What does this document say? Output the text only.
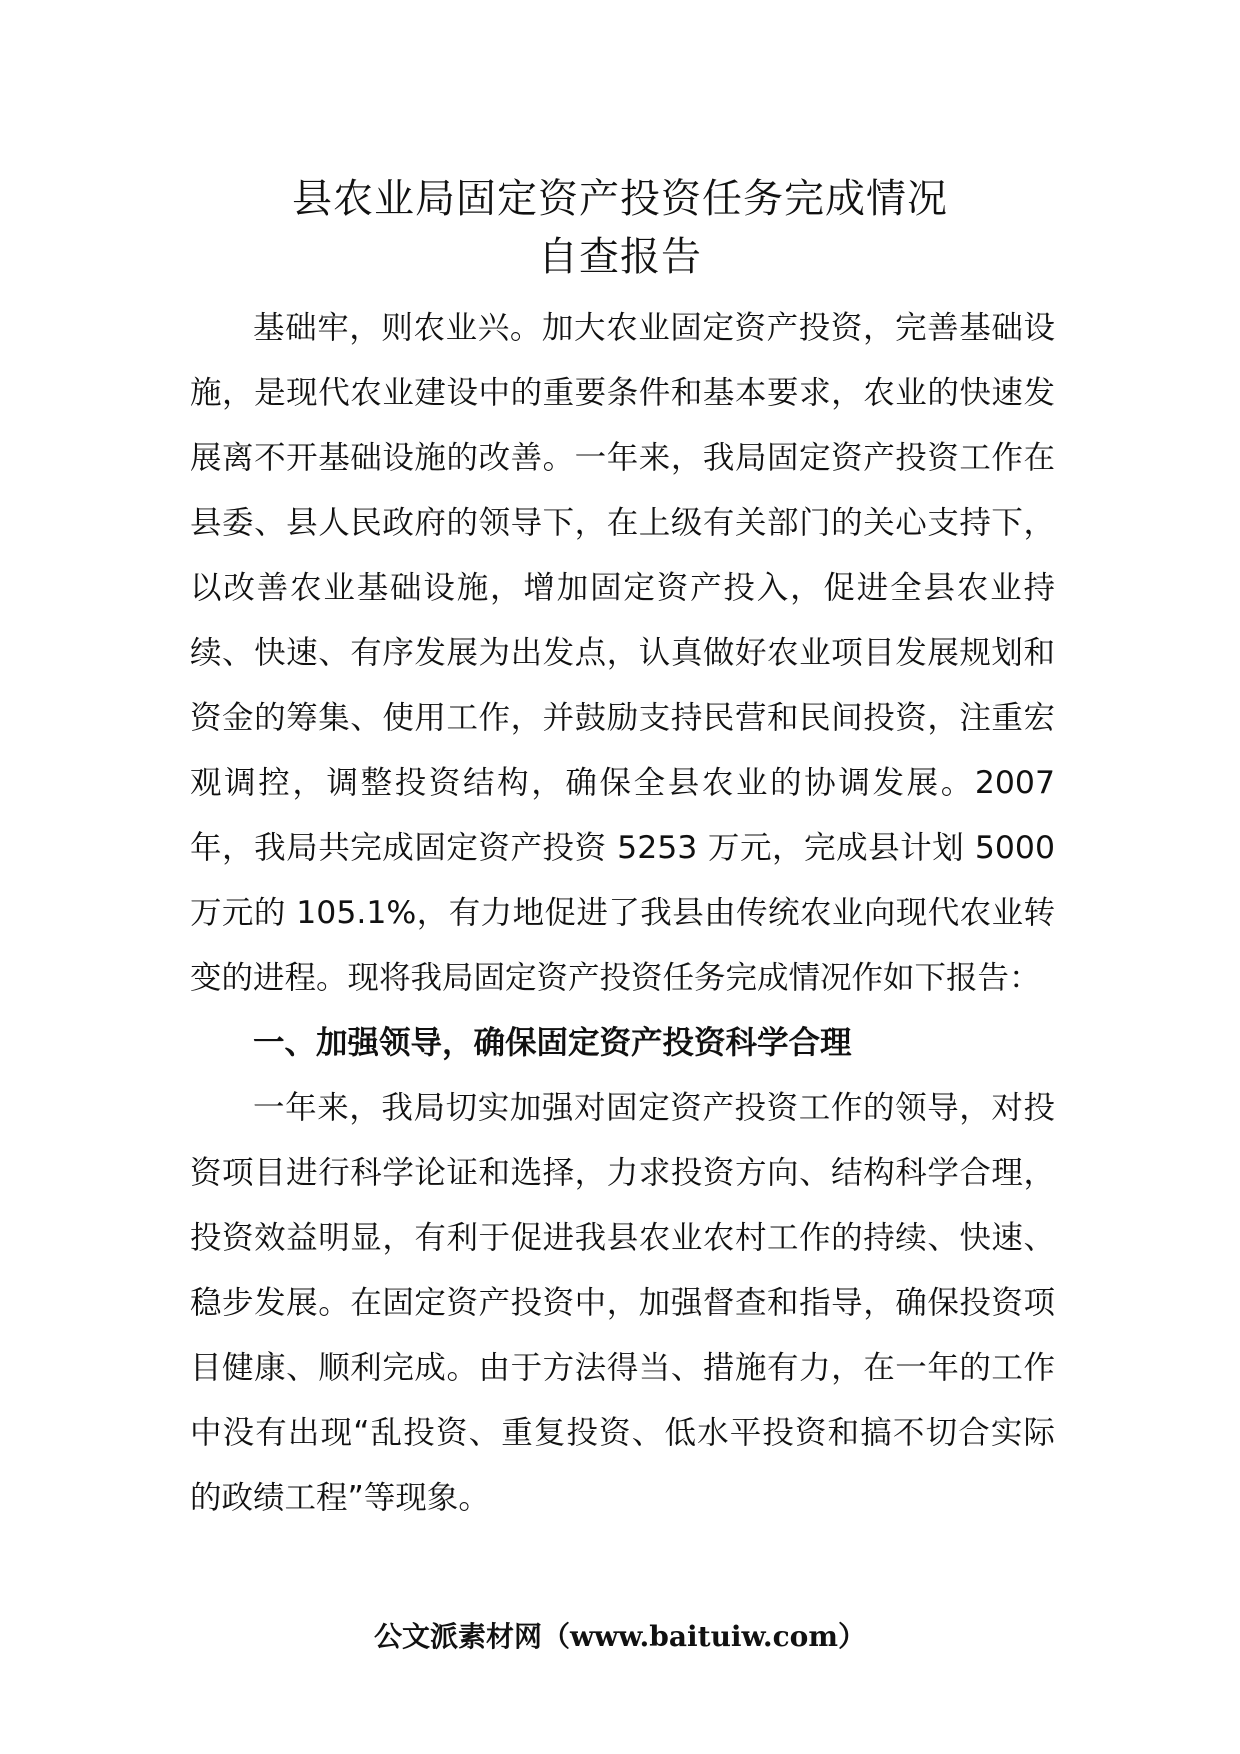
县农业局固定资产投资任务完成情况
自查报告

基础牢，则农业兴。加大农业固定资产投资，完善基础设施，是现代农业建设中的重要条件和基本要求，农业的快速发展离不开基础设施的改善。一年来，我局固定资产投资工作在县委、县人民政府的领导下，在上级有关部门的关心支持下，以改善农业基础设施，增加固定资产投入，促进全县农业持续、快速、有序发展为出发点，认真做好农业项目发展规划和资金的筹集、使用工作，并鼓励支持民营和民间投资，注重宏观调控，调整投资结构，确保全县农业的协调发展。2007 年，我局共完成固定资产投资 5253 万元，完成县计划 5000 万元的 105.1%，有力地促进了我县由传统农业向现代农业转变的进程。现将我局固定资产投资任务完成情况作如下报告：

一、加强领导，确保固定资产投资科学合理

一年来，我局切实加强对固定资产投资工作的领导，对投资项目进行科学论证和选择，力求投资方向、结构科学合理，投资效益明显，有利于促进我县农业农村工作的持续、快速、稳步发展。在固定资产投资中，加强督查和指导，确保投资项目健康、顺利完成。由于方法得当、措施有力，在一年的工作中没有出现“乱投资、重复投资、低水平投资和搞不切合实际的政绩工程”等现象。

公文派素材网（www.baituiw.com）
